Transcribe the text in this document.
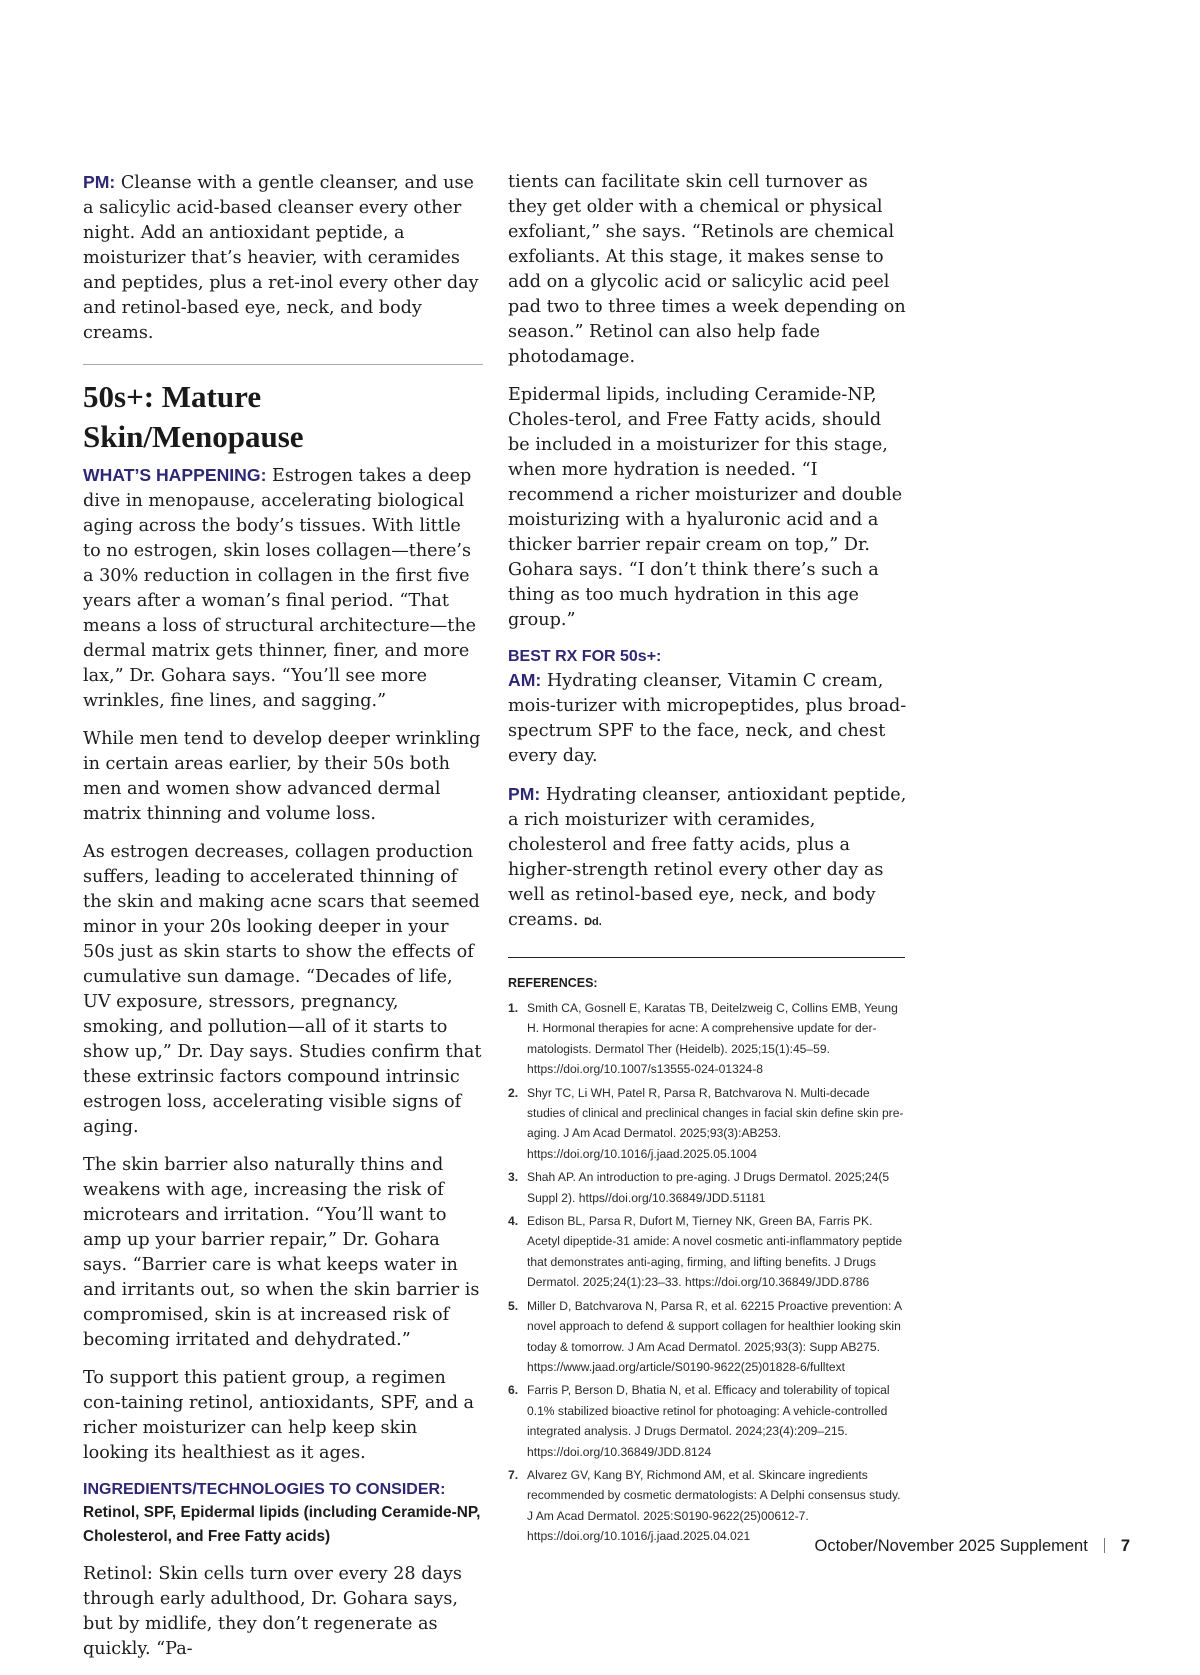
PM: Cleanse with a gentle cleanser, and use a salicylic acid-based cleanser every other night. Add an antioxidant peptide, a moisturizer that’s heavier, with ceramides and peptides, plus a ret-inol every other day and retinol-based eye, neck, and body creams.

50s+: Mature Skin/Menopause

WHAT’S HAPPENING: Estrogen takes a deep dive in menopause, accelerating biological aging across the body’s tissues. With little to no estrogen, skin loses collagen—there’s a 30% reduction in collagen in the first five years after a woman’s final period. “That means a loss of structural architecture—the dermal matrix gets thinner, finer, and more lax,” Dr. Gohara says. “You’ll see more wrinkles, fine lines, and sagging.”

While men tend to develop deeper wrinkling in certain areas earlier, by their 50s both men and women show advanced dermal matrix thinning and volume loss.

As estrogen decreases, collagen production suffers, leading to accelerated thinning of the skin and making acne scars that seemed minor in your 20s looking deeper in your 50s just as skin starts to show the effects of cumulative sun damage. “Decades of life, UV exposure, stressors, pregnancy, smoking, and pollution—all of it starts to show up,” Dr. Day says. Studies confirm that these extrinsic factors compound intrinsic estrogen loss, accelerating visible signs of aging.

The skin barrier also naturally thins and weakens with age, increasing the risk of microtears and irritation. “You’ll want to amp up your barrier repair,” Dr. Gohara says. “Barrier care is what keeps water in and irritants out, so when the skin barrier is compromised, skin is at increased risk of becoming irritated and dehydrated.”

To support this patient group, a regimen con-taining retinol, antioxidants, SPF, and a richer moisturizer can help keep skin looking its healthiest as it ages.

INGREDIENTS/TECHNOLOGIES TO CONSIDER:

Retinol, SPF, Epidermal lipids (including Ceramide-NP, Cholesterol, and Free Fatty acids)

Retinol: Skin cells turn over every 28 days through early adulthood, Dr. Gohara says, but by midlife, they don’t regenerate as quickly. “Pa-

tients can facilitate skin cell turnover as they get older with a chemical or physical exfoliant,” she says. “Retinols are chemical exfoliants. At this stage, it makes sense to add on a glycolic acid or salicylic acid peel pad two to three times a week depending on season.” Retinol can also help fade photodamage.

Epidermal lipids, including Ceramide-NP, Choles-terol, and Free Fatty acids, should be included in a moisturizer for this stage, when more hydration is needed. “I recommend a richer moisturizer and double moisturizing with a hyaluronic acid and a thicker barrier repair cream on top,” Dr. Gohara says. “I don’t think there’s such a thing as too much hydration in this age group.”

BEST RX FOR 50s+:

AM: Hydrating cleanser, Vitamin C cream, mois-turizer with micropeptides, plus broad-spectrum SPF to the face, neck, and chest every day.

PM: Hydrating cleanser, antioxidant peptide, a rich moisturizer with ceramides, cholesterol and free fatty acids, plus a higher-strength retinol every other day as well as retinol-based eye, neck, and body creams. Dd.

REFERENCES:

1. Smith CA, Gosnell E, Karatas TB, Deitelzweig C, Collins EMB, Yeung H. Hormonal therapies for acne: A comprehensive update for der-matologists. Dermatol Ther (Heidelb). 2025;15(1):45–59. https://doi.org/10.1007/s13555-024-01324-8
2. Shyr TC, Li WH, Patel R, Parsa R, Batchvarova N. Multi-decade studies of clinical and preclinical changes in facial skin define skin pre-aging. J Am Acad Dermatol. 2025;93(3):AB253. https://doi.org/10.1016/j.jaad.2025.05.1004
3. Shah AP. An introduction to pre-aging. J Drugs Dermatol. 2025;24(5 Suppl 2). https//doi.org/10.36849/JDD.51181
4. Edison BL, Parsa R, Dufort M, Tierney NK, Green BA, Farris PK. Acetyl dipeptide-31 amide: A novel cosmetic anti-inflammatory peptide that demonstrates anti-aging, firming, and lifting benefits. J Drugs Dermatol. 2025;24(1):23–33. https://doi.org/10.36849/JDD.8786
5. Miller D, Batchvarova N, Parsa R, et al. 62215 Proactive prevention: A novel approach to defend & support collagen for healthier looking skin today & tomorrow. J Am Acad Dermatol. 2025;93(3): Supp AB275. https://www.jaad.org/article/S0190-9622(25)01828-6/fulltext
6. Farris P, Berson D, Bhatia N, et al. Efficacy and tolerability of topical 0.1% stabilized bioactive retinol for photoaging: A vehicle-controlled integrated analysis. J Drugs Dermatol. 2024;23(4):209–215. https://doi.org/10.36849/JDD.8124
7. Alvarez GV, Kang BY, Richmond AM, et al. Skincare ingredients recommended by cosmetic dermatologists: A Delphi consensus study. J Am Acad Dermatol. 2025:S0190-9622(25)00612-7. https://doi.org/10.1016/j.jaad.2025.04.021
October/November 2025 Supplement 7
